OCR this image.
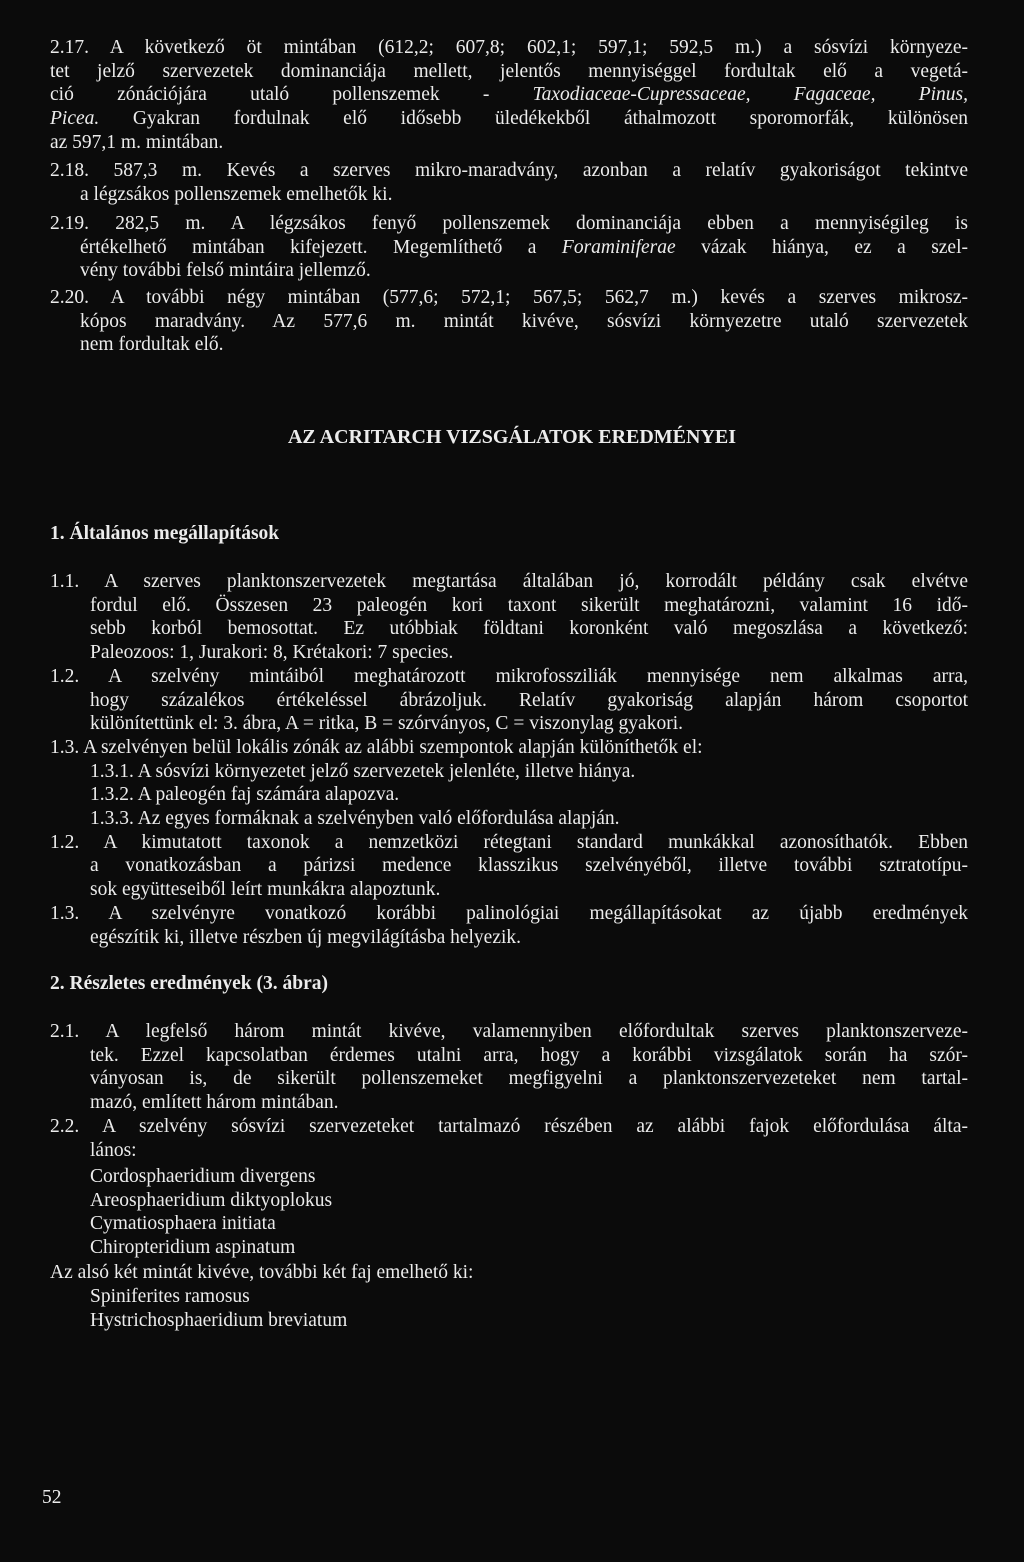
2.17. A következő öt mintában (612,2; 607,8; 602,1; 597,1; 592,5 m.) a sósvízi környeze-
tet jelző szervezetek dominanciája mellett, jelentős mennyiséggel fordultak elő a vegetá-
ció zónációjára utaló pollenszemek - Taxodiaceae-Cupressaceae, Fagaceae, Pinus,
Picea. Gyakran fordulnak elő idősebb üledékekből áthalmozott sporomorfák, különösen
az 597,1 m. mintában.
2.18. 587,3 m. Kevés a szerves mikro-maradvány, azonban a relatív gyakoriságot tekintve
a légzsákos pollenszemek emelhetők ki.
2.19. 282,5 m. A légzsákos fenyő pollenszemek dominanciája ebben a mennyiségileg is
értékelhető mintában kifejezett. Megemlíthető a Foraminiferae vázak hiánya, ez a szel-
vény további felső mintáira jellemző.
2.20. A további négy mintában (577,6; 572,1; 567,5; 562,7 m.) kevés a szerves mikrosz-
kópos maradvány. Az 577,6 m. mintát kivéve, sósvízi környezetre utaló szervezetek
nem fordultak elő.
AZ ACRITARCH VIZSGÁLATOK EREDMÉNYEI
1. Általános megállapítások
1.1. A szerves planktonszervezetek megtartása általában jó, korrodált példány csak elvétve
fordul elő. Összesen 23 paleogén kori taxont sikerült meghatározni, valamint 16 idő-
sebb korból bemosottat. Ez utóbbiak földtani koronként való megoszlása a következő:
Paleozoos: 1, Jurakori: 8, Krétakori: 7 species.
1.2. A szelvény mintáiból meghatározott mikrofossziliák mennyisége nem alkalmas arra,
hogy százalékos értékeléssel ábrázoljuk. Relatív gyakoriság alapján három csoportot
különítettünk el: 3. ábra, A = ritka, B = szórványos, C = viszonylag gyakori.
1.3. A szelvényen belül lokális zónák az alábbi szempontok alapján különíthetők el:
1.3.1. A sósvízi környezetet jelző szervezetek jelenléte, illetve hiánya.
1.3.2. A paleogén faj számára alapozva.
1.3.3. Az egyes formáknak a szelvényben való előfordulása alapján.
1.2. A kimutatott taxonok a nemzetközi rétegtani standard munkákkal azonosíthatók. Ebben
a vonatkozásban a párizsi medence klasszikus szelvényéből, illetve további sztratotípu-
sok együtteseiből leírt munkákra alapoztunk.
1.3. A szelvényre vonatkozó korábbi palinológiai megállapításokat az újabb eredmények
egészítik ki, illetve részben új megvilágításba helyezik.
2. Részletes eredmények (3. ábra)
2.1. A legfelső három mintát kivéve, valamennyiben előfordultak szerves planktonszerveze-
tek. Ezzel kapcsolatban érdemes utalni arra, hogy a korábbi vizsgálatok során ha szór-
ványosan is, de sikerült pollenszemeket megfigyelni a planktonszervezeteket nem tartal-
mazó, említett három mintában.
2.2. A szelvény sósvízi szervezeteket tartalmazó részében az alábbi fajok előfordulása álta-
lános:
Cordosphaeridium divergens
Areosphaeridium diktyoplokus
Cymatiosphaera initiata
Chiropteridium aspinatum
Az alsó két mintát kivéve, további két faj emelhető ki:
Spiniferites ramosus
Hystrichosphaeridium breviatum
52
